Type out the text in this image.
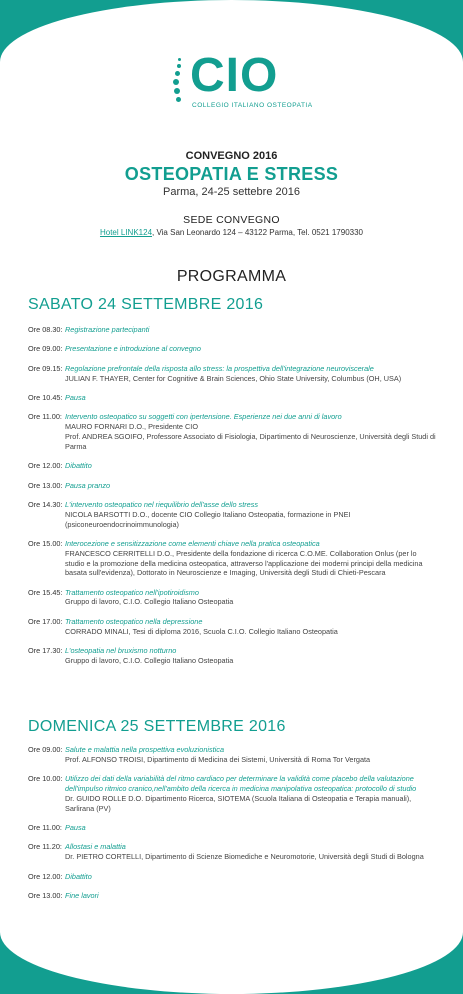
CIO
COLLEGIO ITALIANO OSTEOPATIA
CONVEGNO 2016
OSTEOPATIA E STRESS
Parma, 24-25 settebre 2016
SEDE CONVEGNO
Hotel LINK124, Via San Leonardo 124 – 43122 Parma, Tel. 0521 1790330
PROGRAMMA
SABATO 24 SETTEMBRE 2016
Ore 08.30: Registrazione partecipanti
Ore 09.00: Presentazione e introduzione al convegno
Ore 09.15: Regolazione prefrontale della risposta allo stress: la prospettiva dell'integrazione neuroviscerale
JULIAN F. THAYER, Center for Cognitive & Brain Sciences, Ohio State University, Columbus (OH, USA)
Ore 10.45: Pausa
Ore 11.00: Intervento osteopatico su soggetti con ipertensione. Esperienze nei due anni di lavoro
MAURO FORNARI D.O., Presidente CIO
Prof. ANDREA SGOIFO, Professore Associato di Fisiologia, Dipartimento di Neuroscienze, Università degli Studi di Parma
Ore 12.00: Dibattito
Ore 13.00: Pausa pranzo
Ore 14.30: L'intervento osteopatico nel riequilibrio dell'asse dello stress
NICOLA BARSOTTI D.O., docente CIO Collegio Italiano Osteopatia, formazione in PNEI (psiconeuroendocrinoimmunologia)
Ore 15.00: Interocezione e sensitizzazione come elementi chiave nella pratica osteopatica
FRANCESCO CERRITELLI D.O., Presidente della fondazione di ricerca C.O.ME. Collaboration Onlus (per lo studio e la promozione della medicina osteopatica, attraverso l'applicazione dei moderni principi della medicina basata sull'evidenza), Dottorato in Neuroscienze e Imaging, Università degli Studi di Chieti-Pescara
Ore 15.45: Trattamento osteopatico nell'ipotiroidismo
Gruppo di lavoro, C.I.O. Collegio Italiano Osteopatia
Ore 17.00: Trattamento osteopatico nella depressione
CORRADO MINALI, Tesi di diploma 2016, Scuola C.I.O. Collegio Italiano Osteopatia
Ore 17.30: L'osteopatia nel bruxismo notturno
Gruppo di lavoro, C.I.O. Collegio Italiano Osteopatia
DOMENICA 25 SETTEMBRE 2016
Ore 09.00: Salute e malattia nella prospettiva evoluzionistica
Prof. ALFONSO TROISI, Dipartimento di Medicina dei Sistemi, Università di Roma Tor Vergata
Ore 10.00: Utilizzo dei dati della variabilità del ritmo cardiaco per determinare la validità come placebo della valutazione dell'impulso ritmico cranico,nell'ambito della ricerca in medicina manipolativa osteopatica: protocollo di studio
Dr. GUIDO ROLLE D.O. Dipartimento Ricerca, SIOTEMA (Scuola Italiana di Osteopatia e Terapia manuali), Sarlirana (PV)
Ore 11.00: Pausa
Ore 11.20: Allostasi e malattia
Dr. PIETRO CORTELLI, Dipartimento di Scienze Biomediche e Neuromotorie, Università degli Studi di Bologna
Ore 12.00: Dibattito
Ore 13.00: Fine lavori
